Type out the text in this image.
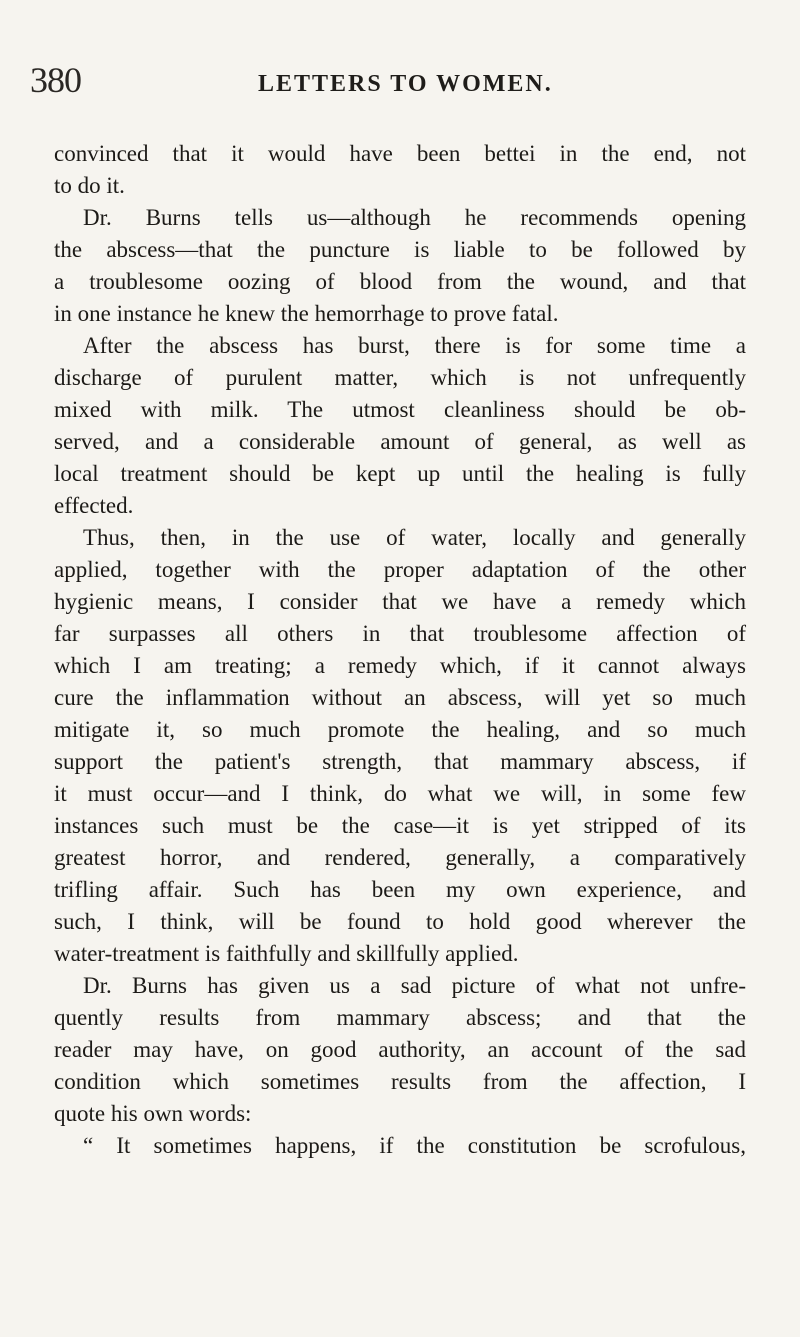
380	LETTERS TO WOMEN.
convinced that it would have been bettei in the end, not
to do it.
Dr. Burns tells us—although he recommends opening
the abscess—that the puncture is liable to be followed by
a troublesome oozing of blood from the wound, and that
in one instance he knew the hemorrhage to prove fatal.
After the abscess has burst, there is for some time a
discharge of purulent matter, which is not unfrequently
mixed with milk. The utmost cleanliness should be ob-
served, and a considerable amount of general, as well as
local treatment should be kept up until the healing is fully
effected.
Thus, then, in the use of water, locally and generally
applied, together with the proper adaptation of the other
hygienic means, I consider that we have a remedy which
far surpasses all others in that troublesome affection of
which I am treating; a remedy which, if it cannot always
cure the inflammation without an abscess, will yet so much
mitigate it, so much promote the healing, and so much
support the patient's strength, that mammary abscess, if
it must occur—and I think, do what we will, in some few
instances such must be the case—it is yet stripped of its
greatest horror, and rendered, generally, a comparatively
trifling affair. Such has been my own experience, and
such, I think, will be found to hold good wherever the
water-treatment is faithfully and skillfully applied.
Dr. Burns has given us a sad picture of what not unfre-
quently results from mammary abscess; and that the
reader may have, on good authority, an account of the sad
condition which sometimes results from the affection, I
quote his own words:
“ It sometimes happens, if the constitution be scrofulous,
